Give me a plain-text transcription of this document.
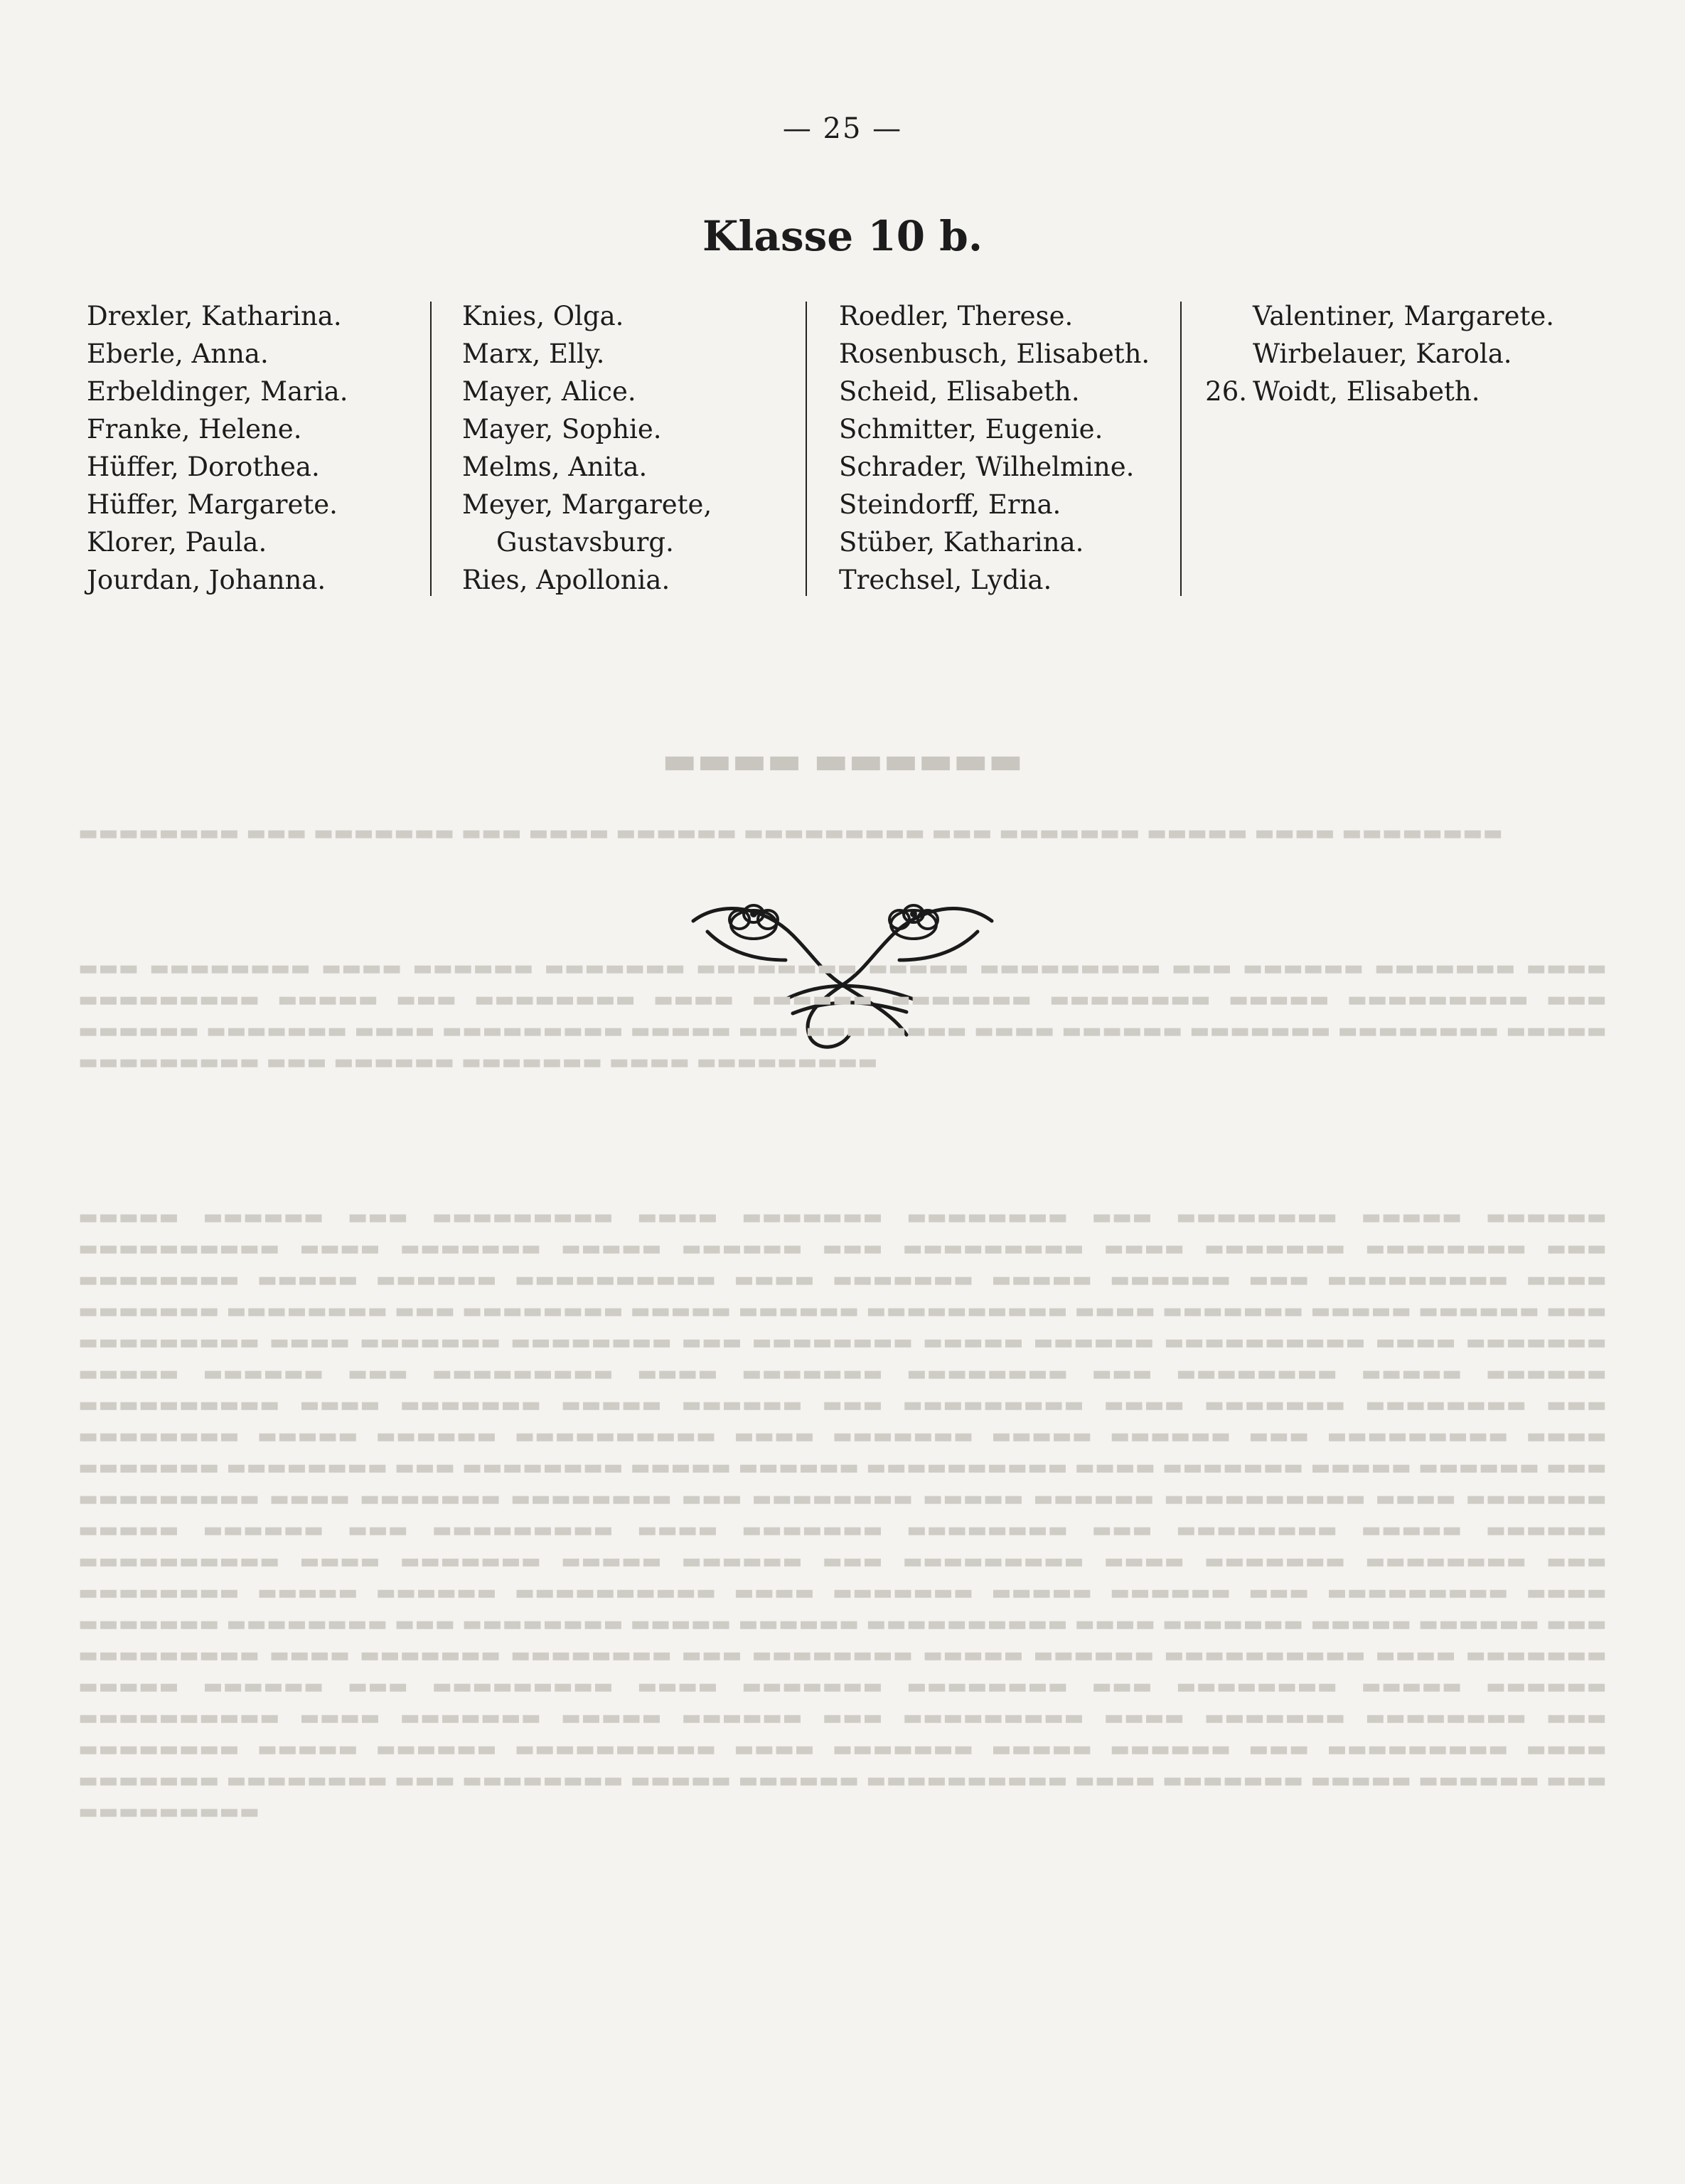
— 25 —
Klasse 10 b.
Drexler, Katharina.
Eberle, Anna.
Erbeldinger, Maria.
Franke, Helene.
Hüffer, Dorothea.
Hüffer, Margarete.
Klorer, Paula.
Jourdan, Johanna.
Knies, Olga.
Marx, Elly.
Mayer, Alice.
Mayer, Sophie.
Melms, Anita.
Meyer, Margarete,
Gustavsburg.
Ries, Apollonia.
Roedler, Therese.
Rosenbusch, Elisabeth.
Scheid, Elisabeth.
Schmitter, Eugenie.
Schrader, Wilhelmine.
Steindorff, Erna.
Stüber, Katharina.
Trechsel, Lydia.
Valentiner, Margarete.
Wirbelauer, Karola.
26. Woidt, Elisabeth.
▬▬▬▬ ▬▬▬▬▬▬
▬▬▬▬▬▬▬▬ ▬▬▬ ▬▬▬▬▬▬▬ ▬▬▬ ▬▬▬▬ ▬▬▬▬▬▬ ▬▬▬▬▬▬▬▬▬ ▬▬▬ ▬▬▬▬▬▬▬ ▬▬▬▬▬ ▬▬▬▬ ▬▬▬▬▬▬▬▬
▬▬▬ ▬▬▬▬▬▬▬▬ ▬▬▬▬ ▬▬▬▬▬▬ ▬▬▬▬▬▬▬ ▬▬▬▬▬▬▬▬ ▬▬▬▬▬ ▬▬▬▬▬▬▬▬▬ ▬▬▬ ▬▬▬▬▬▬ ▬▬▬▬▬▬▬ ▬▬▬▬ ▬▬▬▬▬▬▬▬▬ ▬▬▬▬▬ ▬▬▬ ▬▬▬▬▬▬▬▬ ▬▬▬▬ ▬▬▬▬▬▬ ▬▬▬▬▬▬▬ ▬▬▬▬▬▬▬▬ ▬▬▬▬▬ ▬▬▬▬▬▬▬▬▬ ▬▬▬ ▬▬▬▬▬▬ ▬▬▬▬▬▬▬ ▬▬▬▬ ▬▬▬▬▬▬▬▬▬ ▬▬▬▬▬ ▬▬▬ ▬▬▬▬▬▬▬▬ ▬▬▬▬ ▬▬▬▬▬▬ ▬▬▬▬▬▬▬ ▬▬▬▬▬▬▬▬ ▬▬▬▬▬ ▬▬▬▬▬▬▬▬▬ ▬▬▬ ▬▬▬▬▬▬ ▬▬▬▬▬▬▬ ▬▬▬▬ ▬▬▬▬▬▬▬▬▬
▬▬▬▬▬ ▬▬▬▬▬▬ ▬▬▬ ▬▬▬▬▬▬▬▬▬ ▬▬▬▬ ▬▬▬▬▬▬▬ ▬▬▬▬▬▬▬▬ ▬▬▬ ▬▬▬▬▬▬▬▬ ▬▬▬▬▬ ▬▬▬▬▬▬ ▬▬▬▬▬▬▬▬▬▬ ▬▬▬▬ ▬▬▬▬▬▬▬ ▬▬▬▬▬ ▬▬▬▬▬▬ ▬▬▬ ▬▬▬▬▬▬▬▬▬ ▬▬▬▬ ▬▬▬▬▬▬▬ ▬▬▬▬▬▬▬▬ ▬▬▬ ▬▬▬▬▬▬▬▬ ▬▬▬▬▬ ▬▬▬▬▬▬ ▬▬▬▬▬▬▬▬▬▬ ▬▬▬▬ ▬▬▬▬▬▬▬ ▬▬▬▬▬ ▬▬▬▬▬▬ ▬▬▬ ▬▬▬▬▬▬▬▬▬ ▬▬▬▬ ▬▬▬▬▬▬▬ ▬▬▬▬▬▬▬▬ ▬▬▬ ▬▬▬▬▬▬▬▬ ▬▬▬▬▬ ▬▬▬▬▬▬ ▬▬▬▬▬▬▬▬▬▬ ▬▬▬▬ ▬▬▬▬▬▬▬ ▬▬▬▬▬ ▬▬▬▬▬▬ ▬▬▬ ▬▬▬▬▬▬▬▬▬ ▬▬▬▬ ▬▬▬▬▬▬▬ ▬▬▬▬▬▬▬▬ ▬▬▬ ▬▬▬▬▬▬▬▬ ▬▬▬▬▬ ▬▬▬▬▬▬ ▬▬▬▬▬▬▬▬▬▬ ▬▬▬▬ ▬▬▬▬▬▬▬ ▬▬▬▬▬ ▬▬▬▬▬▬ ▬▬▬ ▬▬▬▬▬▬▬▬▬ ▬▬▬▬ ▬▬▬▬▬▬▬ ▬▬▬▬▬▬▬▬ ▬▬▬ ▬▬▬▬▬▬▬▬ ▬▬▬▬▬ ▬▬▬▬▬▬ ▬▬▬▬▬▬▬▬▬▬ ▬▬▬▬ ▬▬▬▬▬▬▬ ▬▬▬▬▬ ▬▬▬▬▬▬ ▬▬▬ ▬▬▬▬▬▬▬▬▬ ▬▬▬▬ ▬▬▬▬▬▬▬ ▬▬▬▬▬▬▬▬ ▬▬▬ ▬▬▬▬▬▬▬▬ ▬▬▬▬▬ ▬▬▬▬▬▬ ▬▬▬▬▬▬▬▬▬▬ ▬▬▬▬ ▬▬▬▬▬▬▬ ▬▬▬▬▬ ▬▬▬▬▬▬ ▬▬▬ ▬▬▬▬▬▬▬▬▬ ▬▬▬▬ ▬▬▬▬▬▬▬ ▬▬▬▬▬▬▬▬ ▬▬▬ ▬▬▬▬▬▬▬▬ ▬▬▬▬▬ ▬▬▬▬▬▬ ▬▬▬▬▬▬▬▬▬▬ ▬▬▬▬ ▬▬▬▬▬▬▬ ▬▬▬▬▬ ▬▬▬▬▬▬ ▬▬▬ ▬▬▬▬▬▬▬▬▬ ▬▬▬▬ ▬▬▬▬▬▬▬ ▬▬▬▬▬▬▬▬ ▬▬▬ ▬▬▬▬▬▬▬▬ ▬▬▬▬▬ ▬▬▬▬▬▬ ▬▬▬▬▬▬▬▬▬▬ ▬▬▬▬ ▬▬▬▬▬▬▬ ▬▬▬▬▬ ▬▬▬▬▬▬ ▬▬▬ ▬▬▬▬▬▬▬▬▬ ▬▬▬▬ ▬▬▬▬▬▬▬ ▬▬▬▬▬▬▬▬ ▬▬▬ ▬▬▬▬▬▬▬▬ ▬▬▬▬▬ ▬▬▬▬▬▬ ▬▬▬▬▬▬▬▬▬▬ ▬▬▬▬ ▬▬▬▬▬▬▬ ▬▬▬▬▬ ▬▬▬▬▬▬ ▬▬▬ ▬▬▬▬▬▬▬▬▬ ▬▬▬▬ ▬▬▬▬▬▬▬ ▬▬▬▬▬▬▬▬ ▬▬▬ ▬▬▬▬▬▬▬▬ ▬▬▬▬▬ ▬▬▬▬▬▬ ▬▬▬▬▬▬▬▬▬▬ ▬▬▬▬ ▬▬▬▬▬▬▬ ▬▬▬▬▬ ▬▬▬▬▬▬ ▬▬▬ ▬▬▬▬▬▬▬▬▬ ▬▬▬▬ ▬▬▬▬▬▬▬ ▬▬▬▬▬▬▬▬ ▬▬▬ ▬▬▬▬▬▬▬▬ ▬▬▬▬▬ ▬▬▬▬▬▬ ▬▬▬▬▬▬▬▬▬▬ ▬▬▬▬ ▬▬▬▬▬▬▬ ▬▬▬▬▬ ▬▬▬▬▬▬ ▬▬▬ ▬▬▬▬▬▬▬▬▬ ▬▬▬▬ ▬▬▬▬▬▬▬ ▬▬▬▬▬▬▬▬ ▬▬▬ ▬▬▬▬▬▬▬▬ ▬▬▬▬▬ ▬▬▬▬▬▬ ▬▬▬▬▬▬▬▬▬▬ ▬▬▬▬ ▬▬▬▬▬▬▬ ▬▬▬▬▬ ▬▬▬▬▬▬ ▬▬▬ ▬▬▬▬▬▬▬▬▬ ▬▬▬▬ ▬▬▬▬▬▬▬ ▬▬▬▬▬▬▬▬ ▬▬▬ ▬▬▬▬▬▬▬▬ ▬▬▬▬▬ ▬▬▬▬▬▬ ▬▬▬▬▬▬▬▬▬▬ ▬▬▬▬ ▬▬▬▬▬▬▬ ▬▬▬▬▬ ▬▬▬▬▬▬ ▬▬▬ ▬▬▬▬▬▬▬▬▬ ▬▬▬▬ ▬▬▬▬▬▬▬ ▬▬▬▬▬▬▬▬ ▬▬▬ ▬▬▬▬▬▬▬▬ ▬▬▬▬▬ ▬▬▬▬▬▬ ▬▬▬▬▬▬▬▬▬▬ ▬▬▬▬ ▬▬▬▬▬▬▬ ▬▬▬▬▬ ▬▬▬▬▬▬ ▬▬▬ ▬▬▬▬▬▬▬▬▬ ▬▬▬▬ ▬▬▬▬▬▬▬ ▬▬▬▬▬▬▬▬ ▬▬▬ ▬▬▬▬▬▬▬▬ ▬▬▬▬▬ ▬▬▬▬▬▬ ▬▬▬▬▬▬▬▬▬▬ ▬▬▬▬ ▬▬▬▬▬▬▬ ▬▬▬▬▬ ▬▬▬▬▬▬ ▬▬▬ ▬▬▬▬▬▬▬▬▬
